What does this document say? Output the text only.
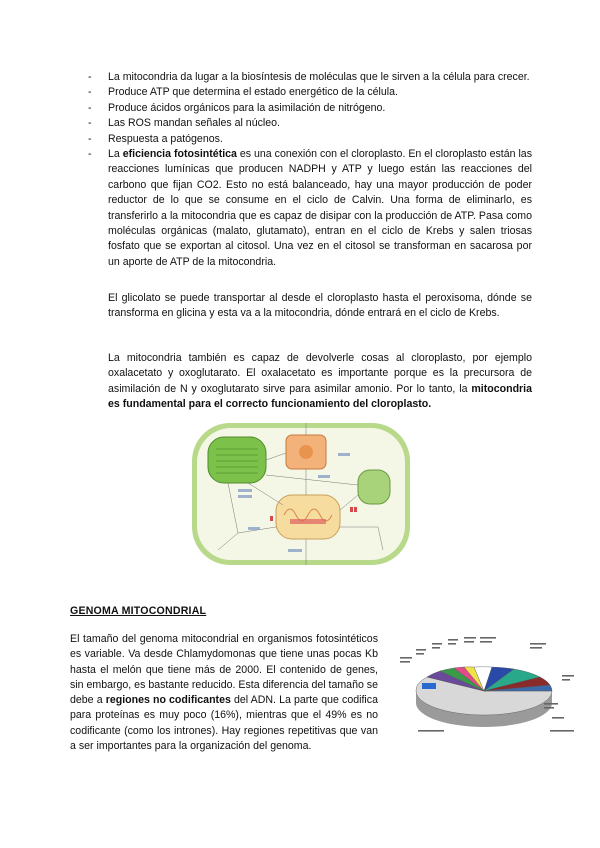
- La mitocondria da lugar a la biosíntesis de moléculas que le sirven a la célula para crecer.
- Produce ATP que determina el estado energético de la célula.
- Produce ácidos orgánicos para la asimilación de nitrógeno.
- Las ROS mandan señales al núcleo.
- Respuesta a patógenos.
- La eficiencia fotosintética es una conexión con el cloroplasto. En el cloroplasto están las reacciones lumínicas que producen NADPH y ATP y luego están las reacciones del carbono que fijan CO2. Esto no está balanceado, hay una mayor producción de poder reductor de lo que se consume en el ciclo de Calvin. Una forma de eliminarlo, es transferirlo a la mitocondria que es capaz de disipar con la producción de ATP. Pasa como moléculas orgánicas (malato, glutamato), entran en el ciclo de Krebs y salen triosas fosfato que se exportan al citosol. Una vez en el citosol se transforman en sacarosa por un aporte de ATP de la mitocondria.

El glicolato se puede transportar al desde el cloroplasto hasta el peroxisoma, dónde se transforma en glicina y esta va a la mitocondria, dónde entrará en el ciclo de Krebs.

La mitocondria también es capaz de devolverle cosas al cloroplasto, por ejemplo oxalacetato y oxoglutarato. El oxalacetato es importante porque es la precursora de asimilación de N y oxoglutarato sirve para asimilar amonio. Por lo tanto, la mitocondria es fundamental para el correcto funcionamiento del cloroplasto.

GENOMA MITOCONDRIAL

El tamaño del genoma mitocondrial en organismos fotosintéticos es variable. Va desde Chlamydomonas que tiene unas pocas Kb hasta el melón que tiene más de 2000. El contenido de genes, sin embargo, es bastante reducido. Esta diferencia del tamaño se debe a regiones no codificantes del ADN. La parte que codifica para proteínas es muy poco (16%), mientras que el 49% es no codificante (como los intrones). Hay regiones repetitivas que van a ser importantes para la organización del genoma.
